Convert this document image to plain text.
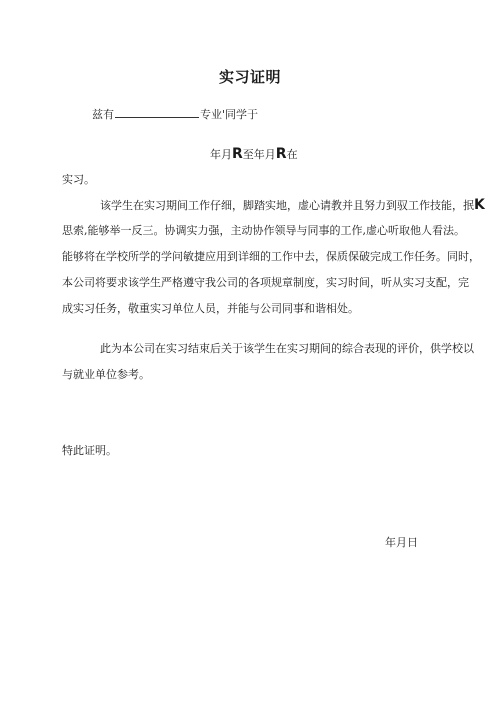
实习证明
兹有	专业'同学于
年月R至年月R在
实习。
该学生在实习期间工作仔细，脚踏实地，虚心请教并且努力到驭工作技能，抿K
思索,能够举一反三。协调实力强，主动协作领导与同事的工作,虚心听取他人看法。
能够将在学校所学的学问敏捷应用到详细的工作中去，保质保破完成工作任务。同时，
本公司将要求该学生严格遵守我公司的各项规章制度，实习时间，听从实习支配，完
成实习任务，敬重实习单位人员，并能与公司同事和谐相处。
此为本公司在实习结束后关于该学生在实习期间的综合表现的评价，供学校以
与就业单位参考。
特此证明。
年月日
